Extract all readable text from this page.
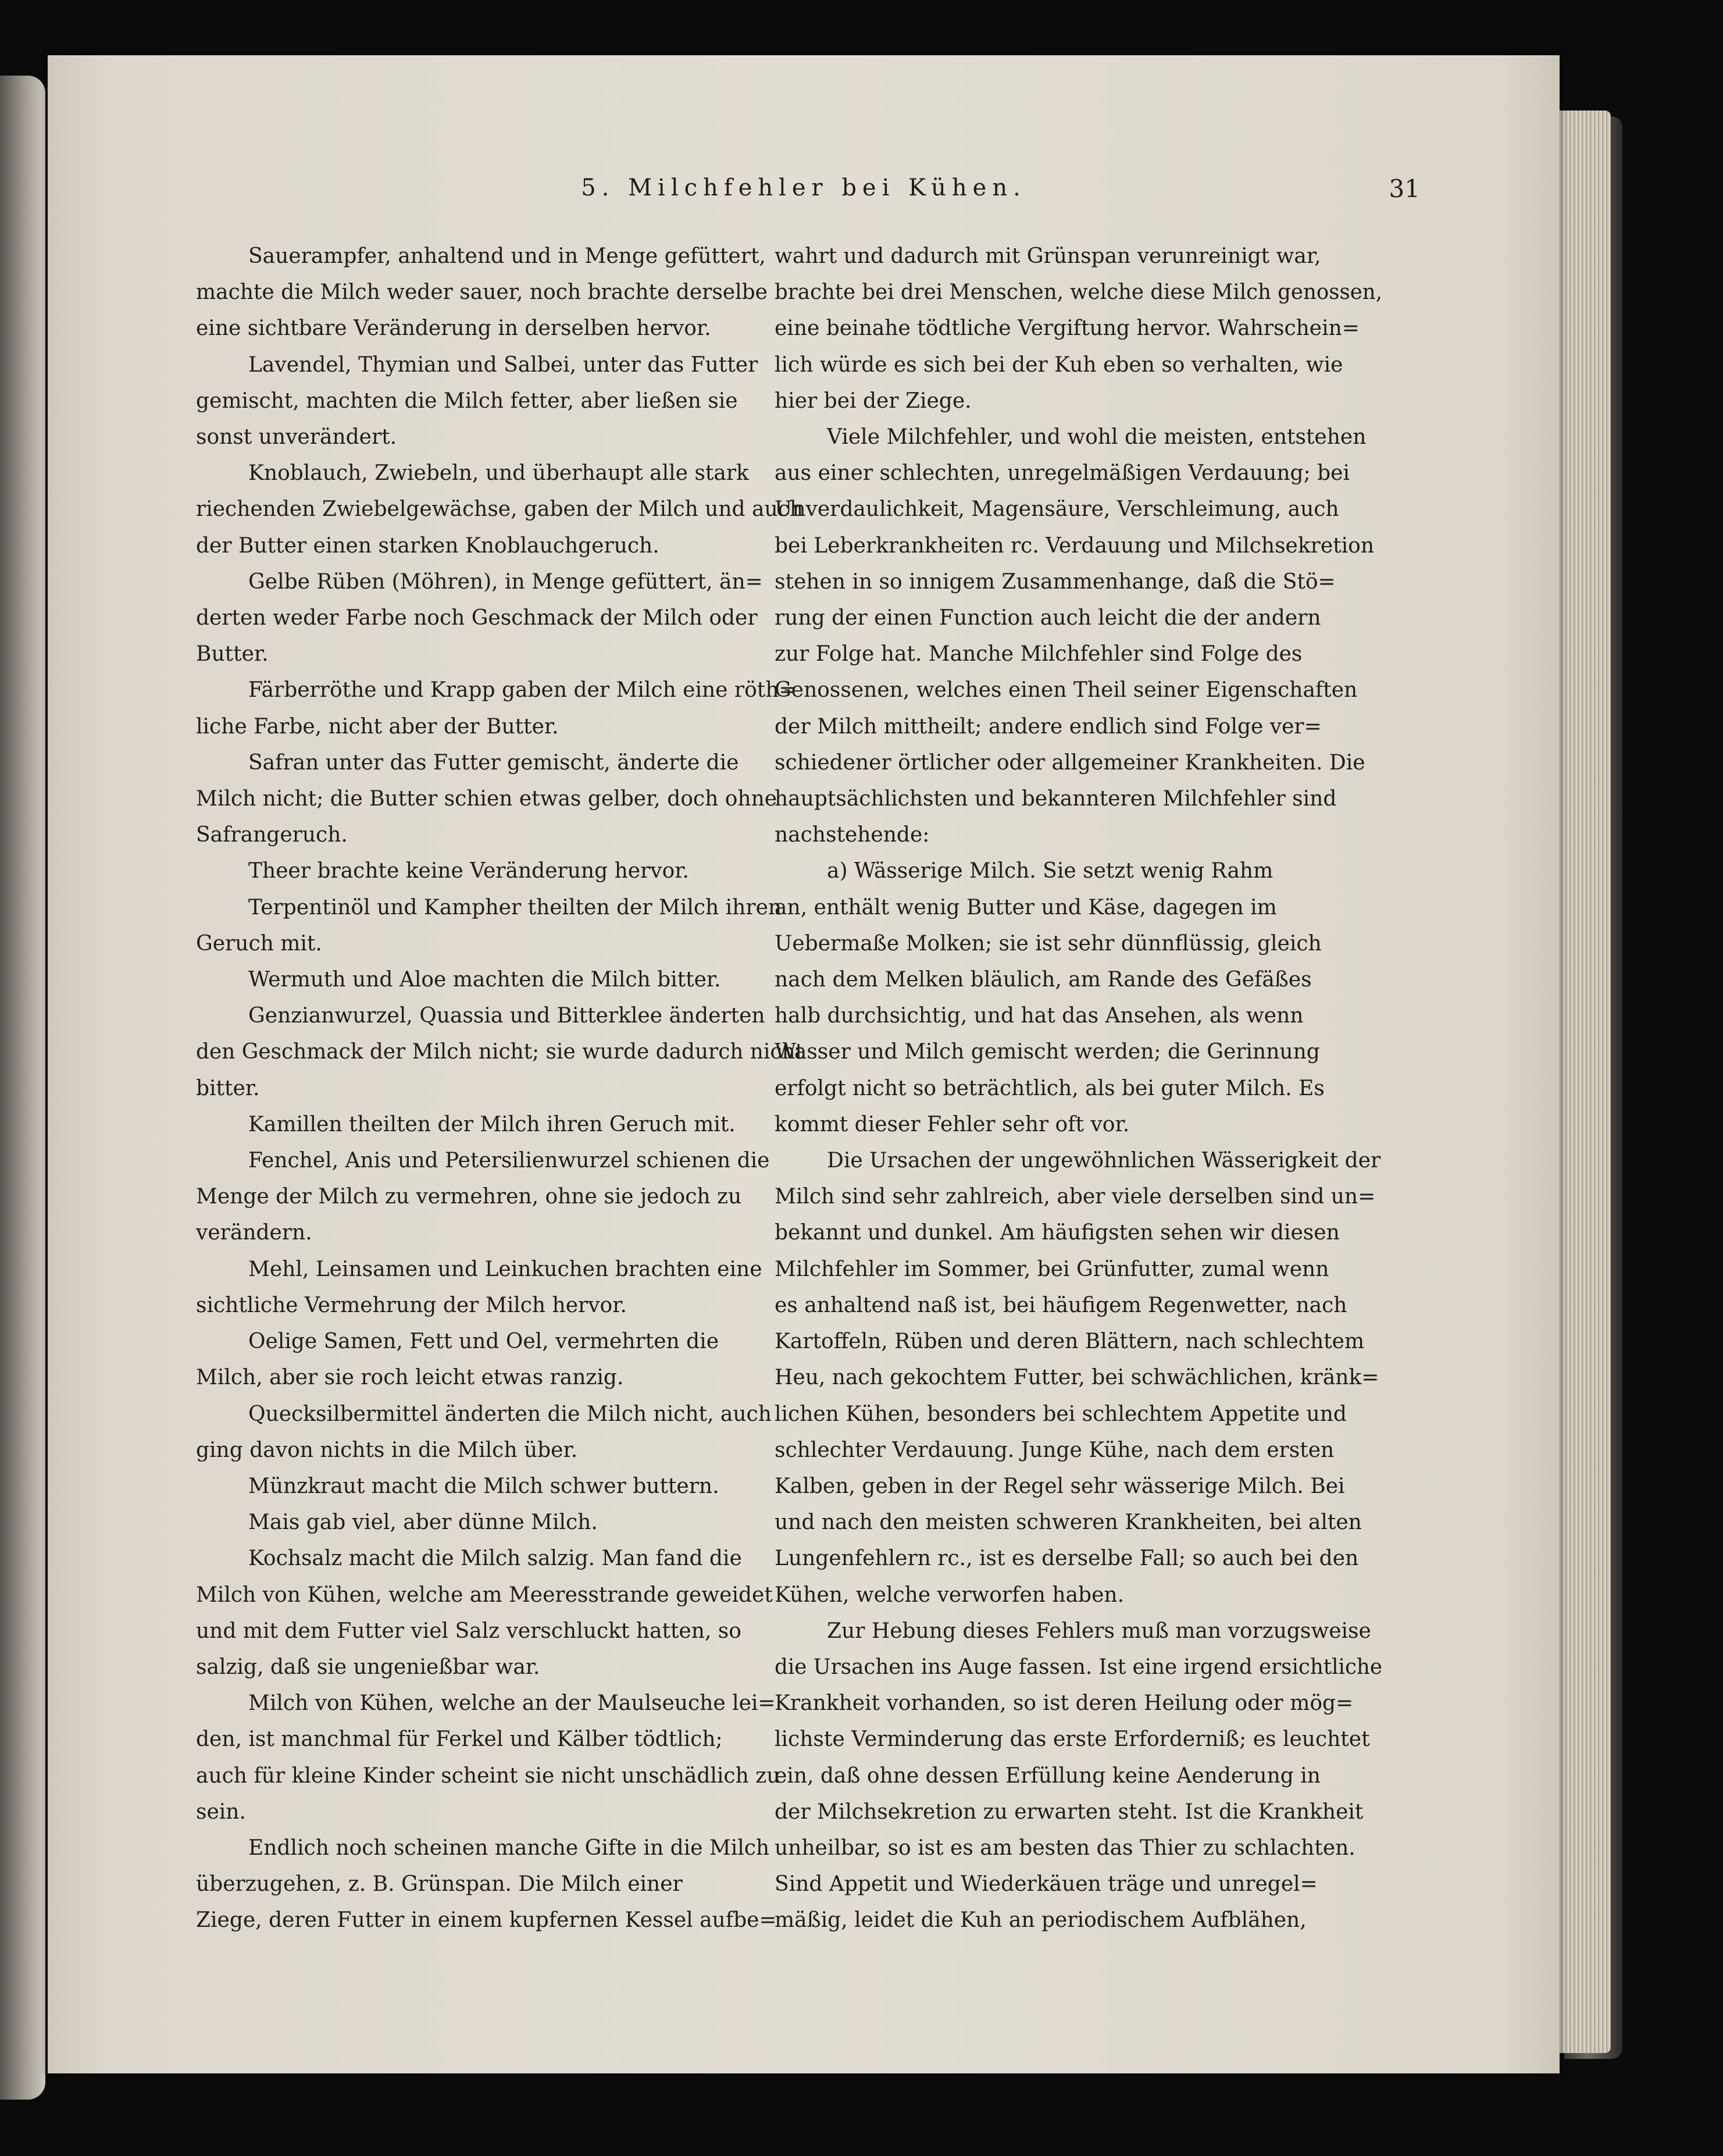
5. Milchfehler bei Kühen.	31

Sauerampfer, anhaltend und in Menge gefüttert,

machte die Milch weder sauer, noch brachte derselbe

eine sichtbare Veränderung in derselben hervor.

Lavendel, Thymian und Salbei, unter das Futter

gemischt, machten die Milch fetter, aber ließen sie

sonst unverändert.

Knoblauch, Zwiebeln, und überhaupt alle stark

riechenden Zwiebelgewächse, gaben der Milch und auch

der Butter einen starken Knoblauchgeruch.

Gelbe Rüben (Möhren), in Menge gefüttert, än=

derten weder Farbe noch Geschmack der Milch oder

Butter.

Färberröthe und Krapp gaben der Milch eine röth=

liche Farbe, nicht aber der Butter.

Safran unter das Futter gemischt, änderte die

Milch nicht; die Butter schien etwas gelber, doch ohne

Safrangeruch.

Theer brachte keine Veränderung hervor.

Terpentinöl und Kampher theilten der Milch ihren

Geruch mit.

Wermuth und Aloe machten die Milch bitter.

Genzianwurzel, Quassia und Bitterklee änderten

den Geschmack der Milch nicht; sie wurde dadurch nicht

bitter.

Kamillen theilten der Milch ihren Geruch mit.

Fenchel, Anis und Petersilienwurzel schienen die

Menge der Milch zu vermehren, ohne sie jedoch zu

verändern.

Mehl, Leinsamen und Leinkuchen brachten eine

sichtliche Vermehrung der Milch hervor.

Oelige Samen, Fett und Oel, vermehrten die

Milch, aber sie roch leicht etwas ranzig.

Quecksilbermittel änderten die Milch nicht, auch

ging davon nichts in die Milch über.

Münzkraut macht die Milch schwer buttern.

Mais gab viel, aber dünne Milch.

Kochsalz macht die Milch salzig. Man fand die

Milch von Kühen, welche am Meeresstrande geweidet

und mit dem Futter viel Salz verschluckt hatten, so

salzig, daß sie ungenießbar war.

Milch von Kühen, welche an der Maulseuche lei=

den, ist manchmal für Ferkel und Kälber tödtlich;

auch für kleine Kinder scheint sie nicht unschädlich zu

sein.

Endlich noch scheinen manche Gifte in die Milch

überzugehen, z. B. Grünspan. Die Milch einer

Ziege, deren Futter in einem kupfernen Kessel aufbe=

wahrt und dadurch mit Grünspan verunreinigt war,

brachte bei drei Menschen, welche diese Milch genossen,

eine beinahe tödtliche Vergiftung hervor. Wahrschein=

lich würde es sich bei der Kuh eben so verhalten, wie

hier bei der Ziege.

Viele Milchfehler, und wohl die meisten, entstehen

aus einer schlechten, unregelmäßigen Verdauung; bei

Unverdaulichkeit, Magensäure, Verschleimung, auch

bei Leberkrankheiten rc. Verdauung und Milchsekretion

stehen in so innigem Zusammenhange, daß die Stö=

rung der einen Function auch leicht die der andern

zur Folge hat. Manche Milchfehler sind Folge des

Genossenen, welches einen Theil seiner Eigenschaften

der Milch mittheilt; andere endlich sind Folge ver=

schiedener örtlicher oder allgemeiner Krankheiten. Die

hauptsächlichsten und bekannteren Milchfehler sind

nachstehende:

a) Wässerige Milch. Sie setzt wenig Rahm

an, enthält wenig Butter und Käse, dagegen im

Uebermaße Molken; sie ist sehr dünnflüssig, gleich

nach dem Melken bläulich, am Rande des Gefäßes

halb durchsichtig, und hat das Ansehen, als wenn

Wasser und Milch gemischt werden; die Gerinnung

erfolgt nicht so beträchtlich, als bei guter Milch. Es

kommt dieser Fehler sehr oft vor.

Die Ursachen der ungewöhnlichen Wässerigkeit der

Milch sind sehr zahlreich, aber viele derselben sind un=

bekannt und dunkel. Am häufigsten sehen wir diesen

Milchfehler im Sommer, bei Grünfutter, zumal wenn

es anhaltend naß ist, bei häufigem Regenwetter, nach

Kartoffeln, Rüben und deren Blättern, nach schlechtem

Heu, nach gekochtem Futter, bei schwächlichen, kränk=

lichen Kühen, besonders bei schlechtem Appetite und

schlechter Verdauung. Junge Kühe, nach dem ersten

Kalben, geben in der Regel sehr wässerige Milch. Bei

und nach den meisten schweren Krankheiten, bei alten

Lungenfehlern rc., ist es derselbe Fall; so auch bei den

Kühen, welche verworfen haben.

Zur Hebung dieses Fehlers muß man vorzugsweise

die Ursachen ins Auge fassen. Ist eine irgend ersichtliche

Krankheit vorhanden, so ist deren Heilung oder mög=

lichste Verminderung das erste Erforderniß; es leuchtet

ein, daß ohne dessen Erfüllung keine Aenderung in

der Milchsekretion zu erwarten steht. Ist die Krankheit

unheilbar, so ist es am besten das Thier zu schlachten.

Sind Appetit und Wiederkäuen träge und unregel=

mäßig, leidet die Kuh an periodischem Aufblähen,
